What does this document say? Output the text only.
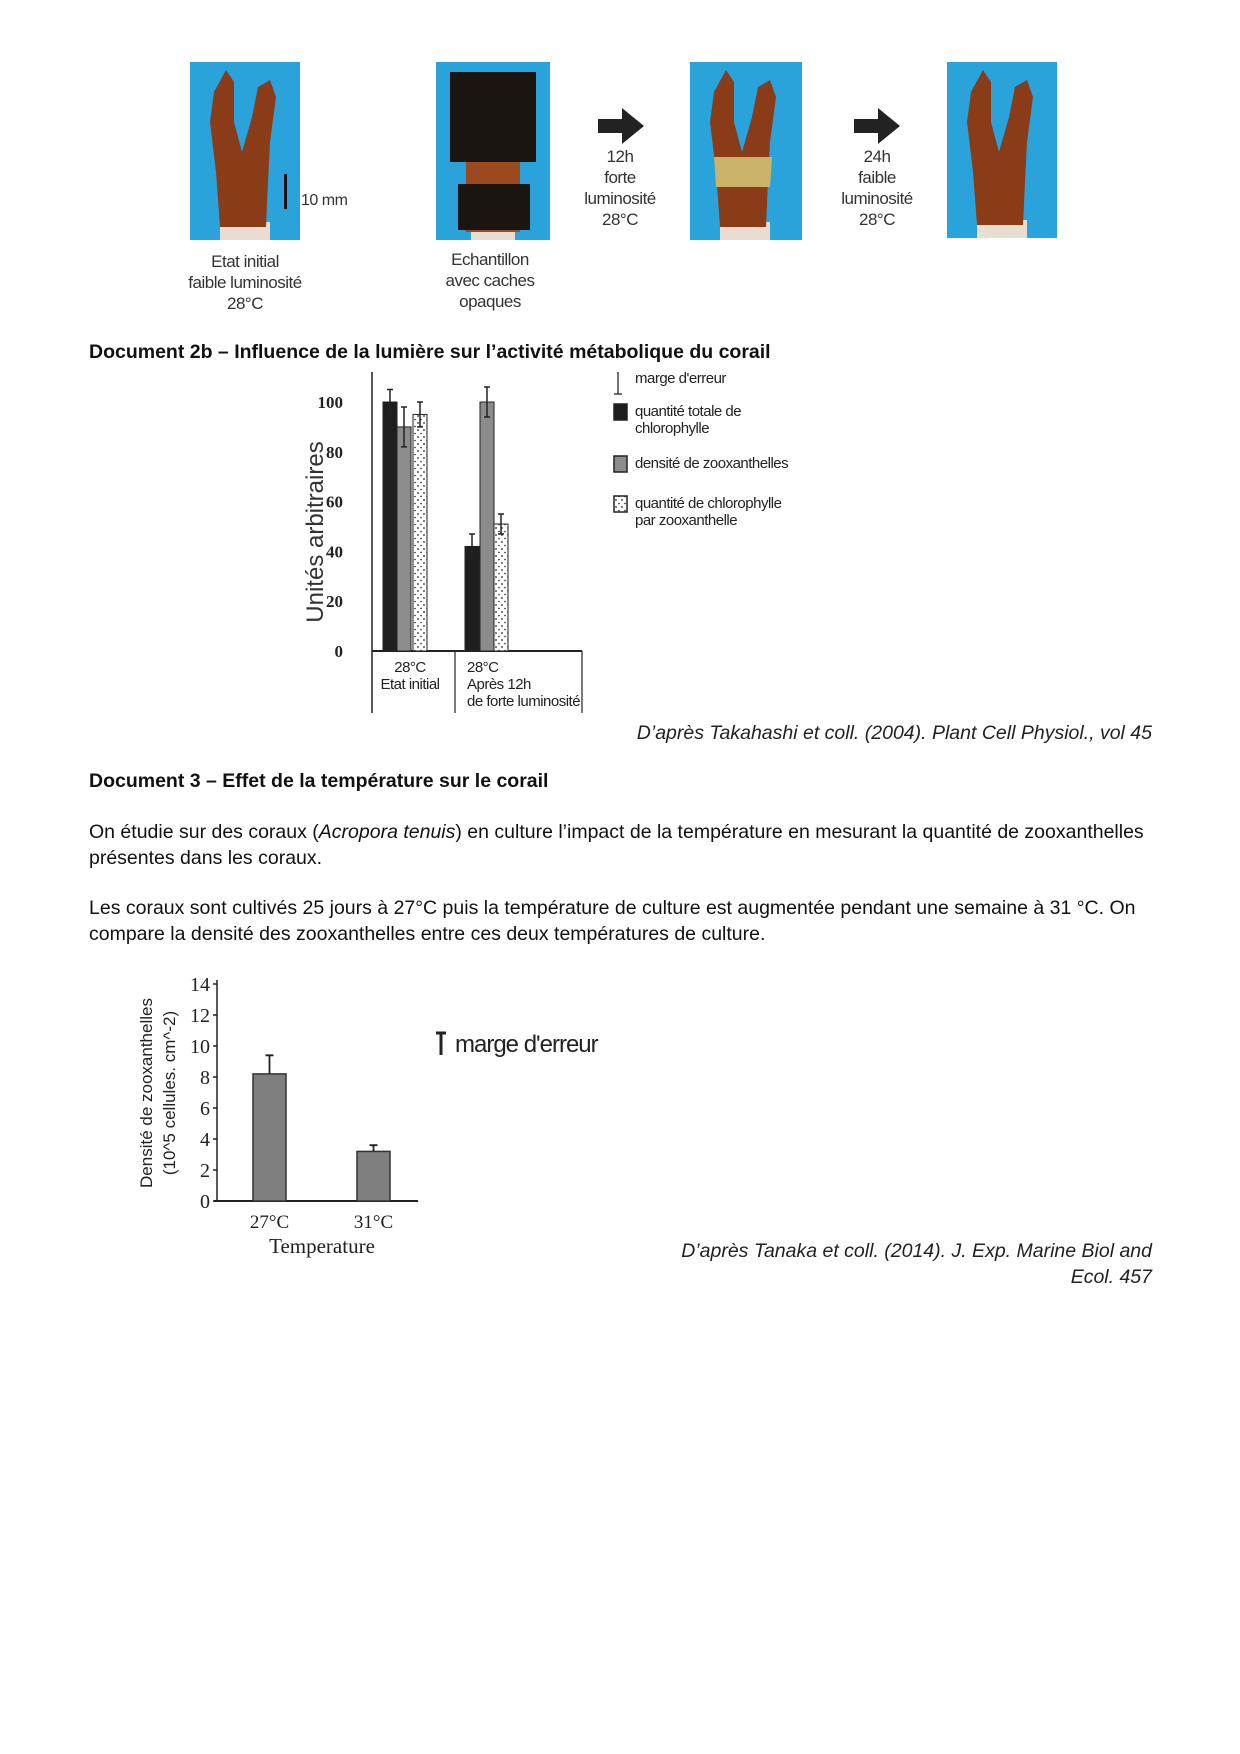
10 mm
12h
forte
luminosité
28°C
24h
faible
luminosité
28°C
Etat initial
faible luminosité
28°C
Echantillon
avec caches
opaques
Document 2b – Influence de la lumière sur l’activité métabolique du corail
Unités arbitraires
0
20
40
60
80
100
28°C
Etat initial
28°C
Après 12h
de forte luminosité
marge d'erreur
quantité totale de
chlorophylle
densité de zooxanthelles
quantité de chlorophylle
par zooxanthelle
D’après Takahashi et coll. (2004). Plant Cell Physiol., vol 45
Document 3 – Effet de la température sur le corail
On étudie sur des coraux (Acropora tenuis) en culture l’impact de la température en mesurant la quantité de zooxanthelles présentes dans les coraux.
Les coraux sont cultivés 25 jours à 27°C puis la température de culture est augmentée pendant une semaine à 31 °C. On compare la densité des zooxanthelles entre ces deux températures de culture.
Densité de zooxanthelles (10^5 cellules. cm^-2)
Temperature
0
2
4
6
8
10
12
14
27°C	31°C
marge d'erreur
D’après Tanaka et coll. (2014). J. Exp. Marine Biol and
Ecol. 457
